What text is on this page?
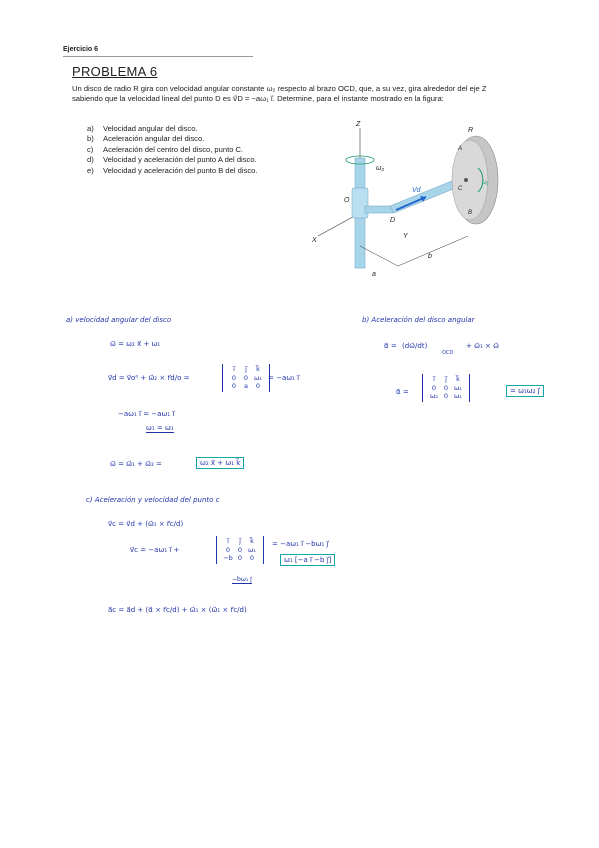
Ejercicio 6
PROBLEMA 6
Un disco de radio R gira con velocidad angular constante ω₂ respecto al brazo OCD, que, a su vez, gira alrededor del eje Z sabiendo que la velocidad lineal del punto D es v⃗D = −aω₁ i⃗. Determine, para el instante mostrado en la figura:
a) Velocidad angular del disco.
b) Aceleración angular del disco.
c) Aceleración del centro del disco, punto C.
d) Velocidad y aceleración del punto A del disco.
e) Velocidad y aceleración del punto B del disco.
Z
X
Y
O
D
R
A
B
C
a
b
ω₂
Vd
ω₁
a) velocidad angular del disco
ω⃗ = ω₂ x⃗ + ω₁
v⃗d = v⃗o⁰ + ω⃗₂ × r⃗d/o =
i⃗ j⃗ k⃗
0 0 ω₁
0 a 0
= −aω₁ i⃗
−aω₁ i⃗ = −aω₁ i⃗
ω₁ = ω₁
ω⃗ = ω⃗₁ + ω⃗₂ =	ω₂ x⃗ + ω₁ k⃗
b) Aceleración del disco angular
α⃗ = (dω⃗/dt)
OCD
+ ω⃗₁ × ω⃗
α⃗ =
i⃗ j⃗ k⃗
0 0 ω₁
ω₂ 0 ω₁
= ω₁ω₂ j⃗
c) Aceleración y velocidad del punto c
v⃗c = v⃗d + (ω⃗₁ × r⃗c/d)
v⃗c = −aω₁ i⃗ +
i⃗ j⃗ k⃗
0 0 ω₁
−b 0 0
= −aω₁ i⃗ −bω₁ j⃗
ω₁ [−a i⃗ −b j⃗]
−bω₁ j⃗
a⃗c = a⃗d + (α⃗ × r⃗c/d) + ω⃗₁ × (ω⃗₁ × r⃗c/d)
